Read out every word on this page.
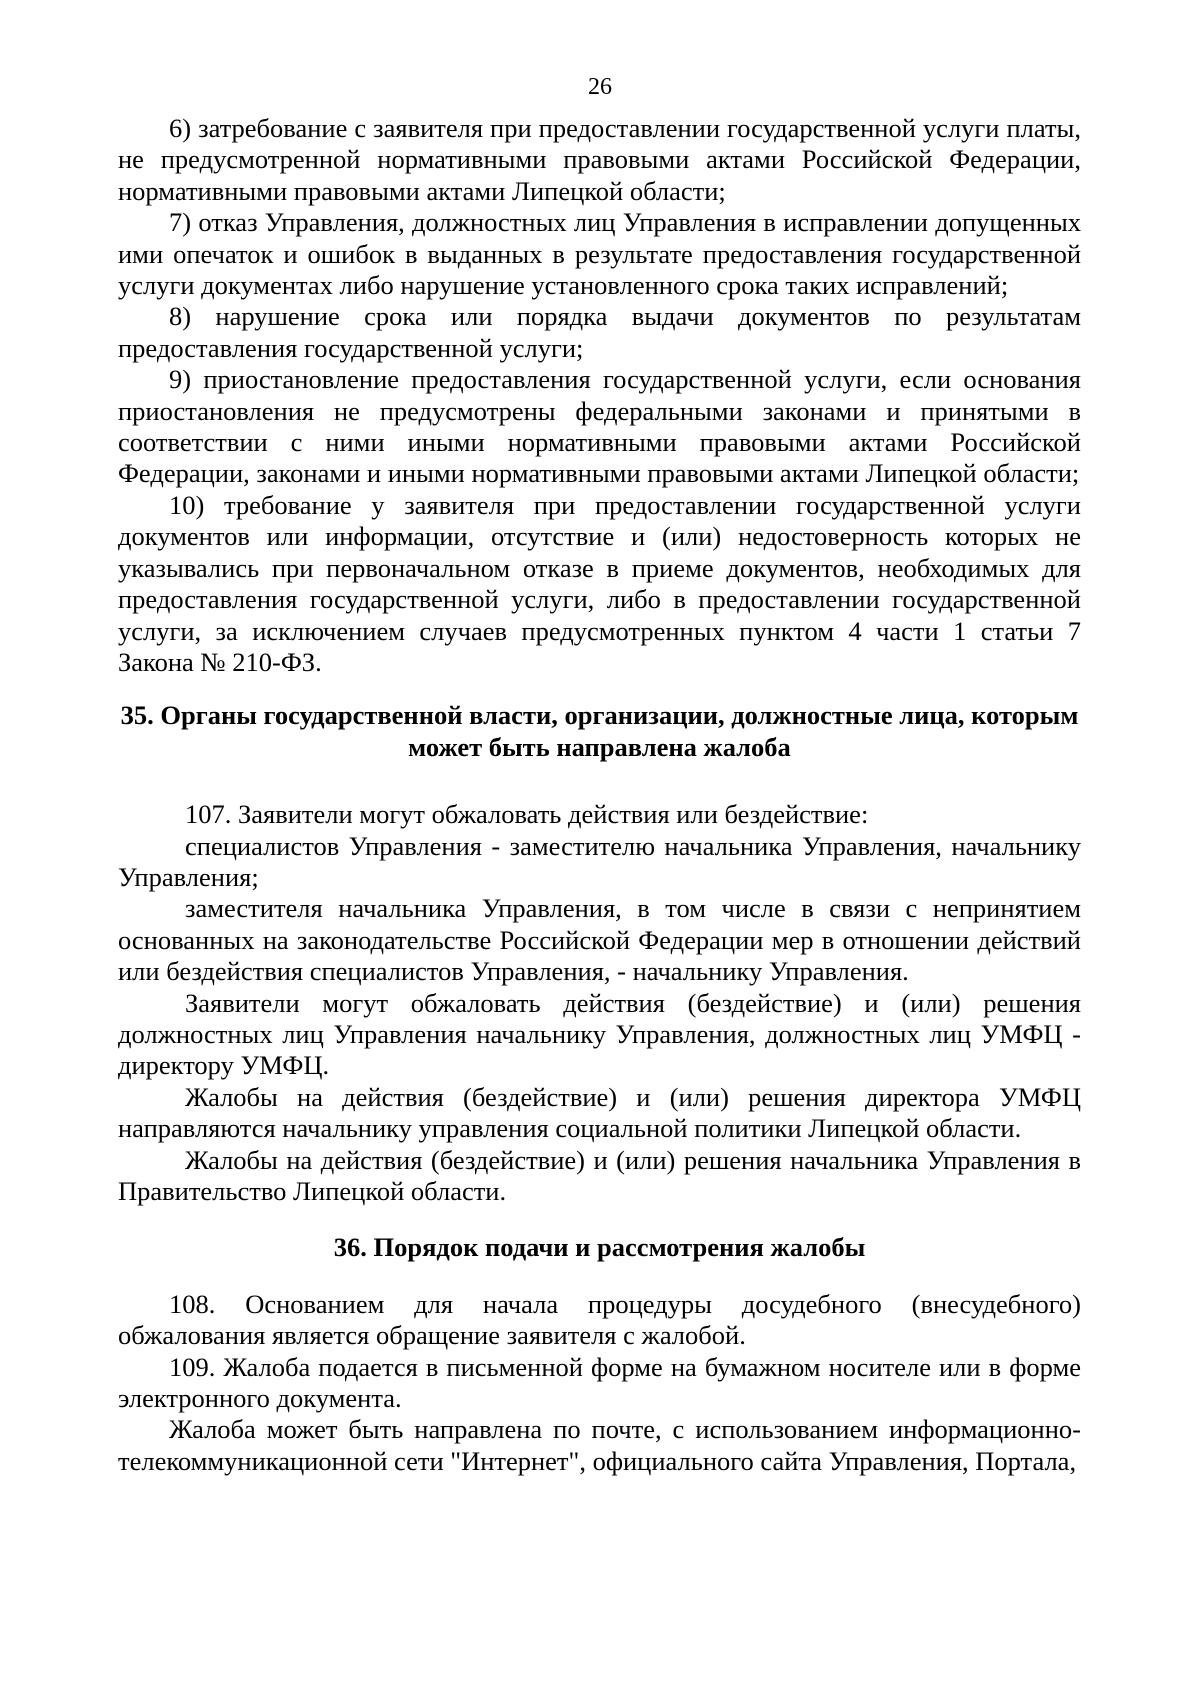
26

6) затребование с заявителя при предоставлении государственной услуги платы, не предусмотренной нормативными правовыми актами Российской Федерации, нормативными правовыми актами Липецкой области;

7) отказ Управления, должностных лиц Управления в исправлении допущенных ими опечаток и ошибок в выданных в результате предоставления государственной услуги документах либо нарушение установленного срока таких исправлений;

8) нарушение срока или порядка выдачи документов по результатам предоставления государственной услуги;

9) приостановление предоставления государственной услуги, если основания приостановления не предусмотрены федеральными законами и принятыми в соответствии с ними иными нормативными правовыми актами Российской Федерации, законами и иными нормативными правовыми актами Липецкой области;

10) требование у заявителя при предоставлении государственной услуги документов или информации, отсутствие и (или) недостоверность которых не указывались при первоначальном отказе в приеме документов, необходимых для предоставления государственной услуги, либо в предоставлении государственной услуги, за исключением случаев предусмотренных пунктом 4 части 1 статьи 7 Закона № 210-ФЗ.

35. Органы государственной власти, организации, должностные лица, которым может быть направлена жалоба

107. Заявители могут обжаловать действия или бездействие:

специалистов Управления - заместителю начальника Управления, начальнику Управления;

заместителя начальника Управления, в том числе в связи с непринятием основанных на законодательстве Российской Федерации мер в отношении действий или бездействия специалистов Управления, - начальнику Управления.

Заявители могут обжаловать действия (бездействие) и (или) решения должностных лиц Управления начальнику Управления, должностных лиц УМФЦ - директору УМФЦ.

Жалобы на действия (бездействие) и (или) решения директора УМФЦ направляются начальнику управления социальной политики Липецкой области.

Жалобы на действия (бездействие) и (или) решения начальника Управления в Правительство Липецкой области.

36. Порядок подачи и рассмотрения жалобы

108. Основанием для начала процедуры досудебного (внесудебного) обжалования является обращение заявителя с жалобой.

109. Жалоба подается в письменной форме на бумажном носителе или в форме электронного документа.

Жалоба может быть направлена по почте, с использованием информационно-телекоммуникационной сети "Интернет", официального сайта Управления, Портала,
